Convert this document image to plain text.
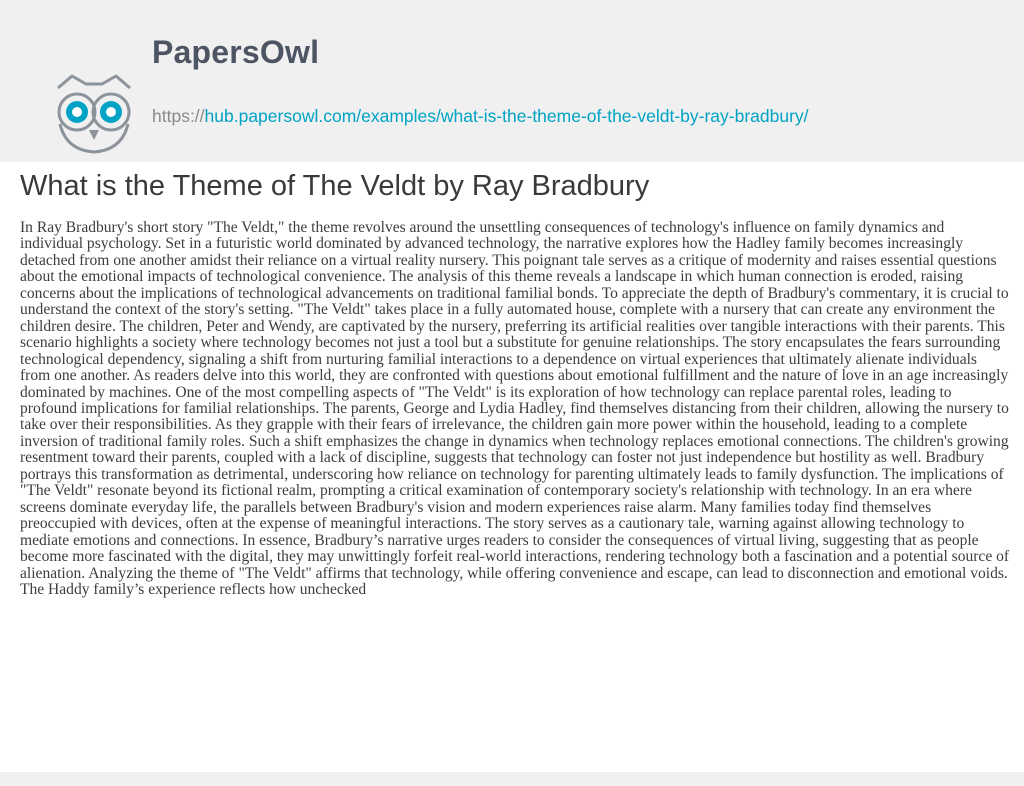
PapersOwl
https://hub.papersowl.com/examples/what-is-the-theme-of-the-veldt-by-ray-bradbury/
What is the Theme of The Veldt by Ray Bradbury

In Ray Bradbury's short story "The Veldt," the theme revolves around the unsettling consequences of technology's influence on family dynamics and individual psychology. Set in a futuristic world dominated by advanced technology, the narrative explores how the Hadley family becomes increasingly detached from one another amidst their reliance on a virtual reality nursery. This poignant tale serves as a critique of modernity and raises essential questions about the emotional impacts of technological convenience. The analysis of this theme reveals a landscape in which human connection is eroded, raising concerns about the implications of technological advancements on traditional familial bonds. To appreciate the depth of Bradbury's commentary, it is crucial to understand the context of the story's setting. "The Veldt" takes place in a fully automated house, complete with a nursery that can create any environment the children desire. The children, Peter and Wendy, are captivated by the nursery, preferring its artificial realities over tangible interactions with their parents. This scenario highlights a society where technology becomes not just a tool but a substitute for genuine relationships. The story encapsulates the fears surrounding technological dependency, signaling a shift from nurturing familial interactions to a dependence on virtual experiences that ultimately alienate individuals from one another. As readers delve into this world, they are confronted with questions about emotional fulfillment and the nature of love in an age increasingly dominated by machines. One of the most compelling aspects of "The Veldt" is its exploration of how technology can replace parental roles, leading to profound implications for familial relationships. The parents, George and Lydia Hadley, find themselves distancing from their children, allowing the nursery to take over their responsibilities. As they grapple with their fears of irrelevance, the children gain more power within the household, leading to a complete inversion of traditional family roles. Such a shift emphasizes the change in dynamics when technology replaces emotional connections. The children's growing resentment toward their parents, coupled with a lack of discipline, suggests that technology can foster not just independence but hostility as well. Bradbury portrays this transformation as detrimental, underscoring how reliance on technology for parenting ultimately leads to family dysfunction. The implications of "The Veldt" resonate beyond its fictional realm, prompting a critical examination of contemporary society's relationship with technology. In an era where screens dominate everyday life, the parallels between Bradbury's vision and modern experiences raise alarm. Many families today find themselves preoccupied with devices, often at the expense of meaningful interactions. The story serves as a cautionary tale, warning against allowing technology to mediate emotions and connections. In essence, Bradbury’s narrative urges readers to consider the consequences of virtual living, suggesting that as people become more fascinated with the digital, they may unwittingly forfeit real-world interactions, rendering technology both a fascination and a potential source of alienation. Analyzing the theme of "The Veldt" affirms that technology, while offering convenience and escape, can lead to disconnection and emotional voids. The Haddy family’s experience reflects how unchecked
